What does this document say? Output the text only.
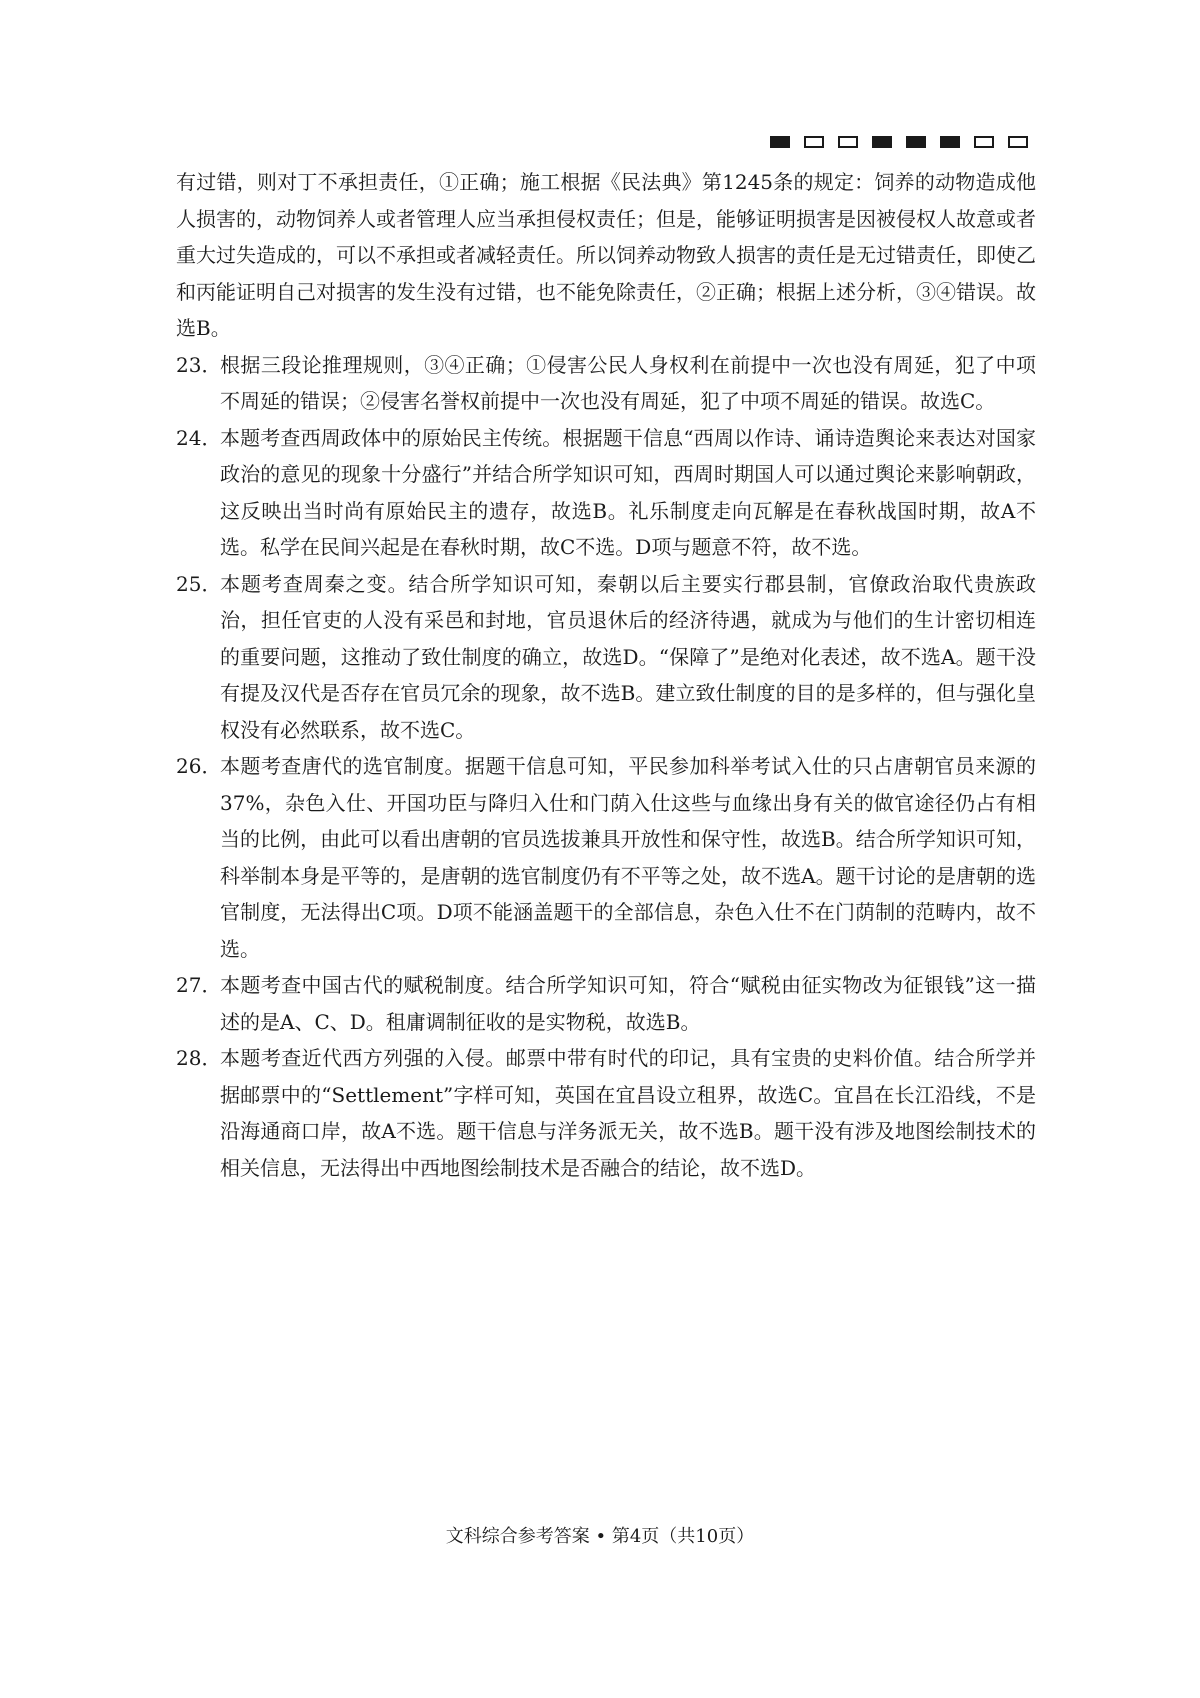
有过错，则对丁不承担责任，①正确；施工根据《民法典》第1245条的规定：饲养的动物造成他人损害的，动物饲养人或者管理人应当承担侵权责任；但是，能够证明损害是因被侵权人故意或者重大过失造成的，可以不承担或者减轻责任。所以饲养动物致人损害的责任是无过错责任，即使乙和丙能证明自己对损害的发生没有过错，也不能免除责任，②正确；根据上述分析，③④错误。故选B。

23．
根据三段论推理规则，③④正确；①侵害公民人身权利在前提中一次也没有周延，犯了中项不周延的错误；②侵害名誉权前提中一次也没有周延，犯了中项不周延的错误。故选C。
24．
本题考查西周政体中的原始民主传统。根据题干信息“西周以作诗、诵诗造舆论来表达对国家政治的意见的现象十分盛行”并结合所学知识可知，西周时期国人可以通过舆论来影响朝政，这反映出当时尚有原始民主的遗存，故选B。礼乐制度走向瓦解是在春秋战国时期，故A不选。私学在民间兴起是在春秋时期，故C不选。D项与题意不符，故不选。
25．
本题考查周秦之变。结合所学知识可知，秦朝以后主要实行郡县制，官僚政治取代贵族政治，担任官吏的人没有采邑和封地，官员退休后的经济待遇，就成为与他们的生计密切相连的重要问题，这推动了致仕制度的确立，故选D。“保障了”是绝对化表述，故不选A。题干没有提及汉代是否存在官员冗余的现象，故不选B。建立致仕制度的目的是多样的，但与强化皇权没有必然联系，故不选C。
26．
本题考查唐代的选官制度。据题干信息可知，平民参加科举考试入仕的只占唐朝官员来源的37%，杂色入仕、开国功臣与降归入仕和门荫入仕这些与血缘出身有关的做官途径仍占有相当的比例，由此可以看出唐朝的官员选拔兼具开放性和保守性，故选B。结合所学知识可知，科举制本身是平等的，是唐朝的选官制度仍有不平等之处，故不选A。题干讨论的是唐朝的选官制度，无法得出C项。D项不能涵盖题干的全部信息，杂色入仕不在门荫制的范畴内，故不选。
27．
本题考查中国古代的赋税制度。结合所学知识可知，符合“赋税由征实物改为征银钱”这一描述的是A、C、D。租庸调制征收的是实物税，故选B。
28．
本题考查近代西方列强的入侵。邮票中带有时代的印记，具有宝贵的史料价值。结合所学并据邮票中的“Settlement”字样可知，英国在宜昌设立租界，故选C。宜昌在长江沿线，不是沿海通商口岸，故A不选。题干信息与洋务派无关，故不选B。题干没有涉及地图绘制技术的相关信息，无法得出中西地图绘制技术是否融合的结论，故不选D。
文科综合参考答案 • 第4页（共10页）
